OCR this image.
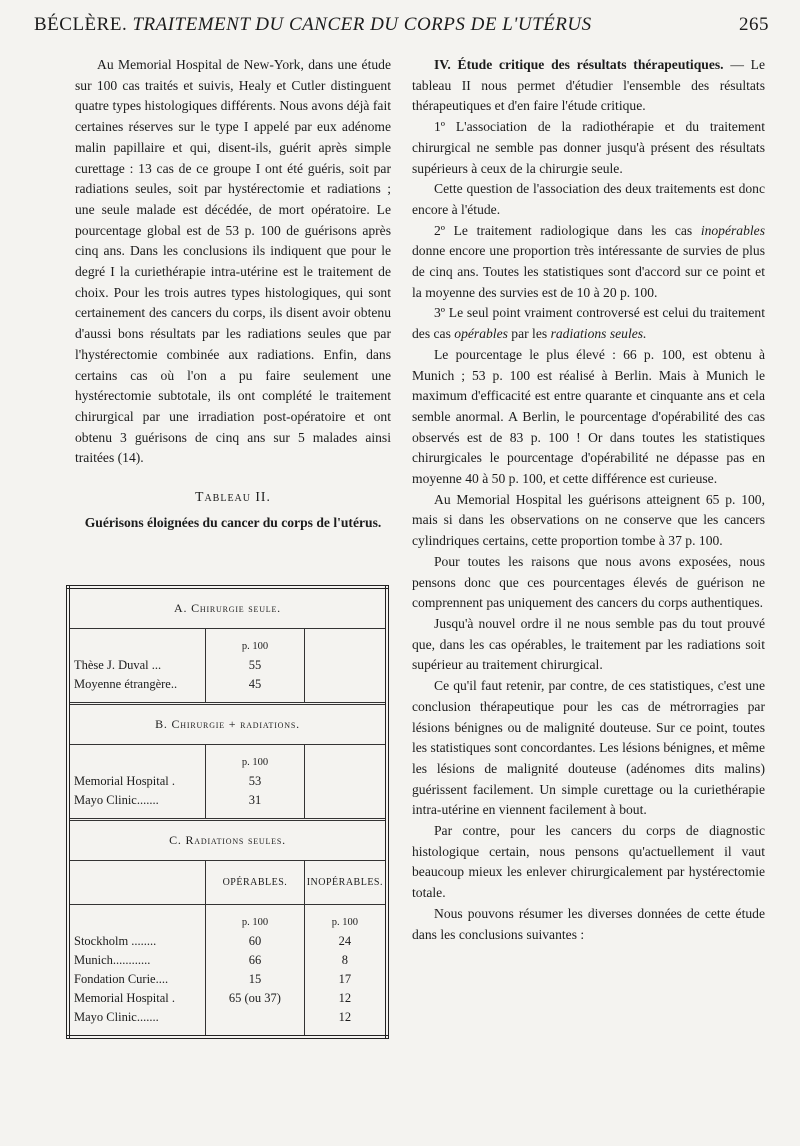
BÉCLÈRE. TRAITEMENT DU CANCER DU CORPS DE L'UTÉRUS	265

Au Memorial Hospital de New-York, dans une étude sur 100 cas traités et suivis, Healy et Cutler distinguent quatre types histologiques différents. Nous avons déjà fait certaines réserves sur le type I appelé par eux adénome malin papillaire et qui, disent-ils, guérit après simple curettage : 13 cas de ce groupe I ont été guéris, soit par radiations seules, soit par hystérectomie et radiations ; une seule malade est décédée, de mort opératoire. Le pourcentage global est de 53 p. 100 de guérisons après cinq ans. Dans les conclusions ils indiquent que pour le degré I la curiethérapie intra-utérine est le traitement de choix. Pour les trois autres types histologiques, qui sont certainement des cancers du corps, ils disent avoir obtenu d'aussi bons résultats par les radiations seules que par l'hystérectomie combinée aux radiations. Enfin, dans certains cas où l'on a pu faire seulement une hystérectomie subtotale, ils ont complété le traitement chirurgical par une irradiation post-opératoire et ont obtenu 3 guérisons de cinq ans sur 5 malades ainsi traitées (14).

Tableau II.

Guérisons éloignées du cancer du corps de l'utérus.

A. Chirurgie seule.		
	p. 100	
Thèse J. Duval ...	55	
Moyenne étrangère..	45	
B. Chirurgie + radiations.		
	p. 100	
Memorial Hospital .	53	
Mayo Clinic.......	31	
C. Radiations seules.		
	OPÉRABLES.	INOPÉRABLES.
	p. 100	p. 100
Stockholm ........	60	24
Munich............	66	8
Fondation Curie....	15	17
Memorial Hospital .	65 (ou 37)	12
Mayo Clinic.......		12

IV. Étude critique des résultats thérapeutiques. — Le tableau II nous permet d'étudier l'ensemble des résultats thérapeutiques et d'en faire l'étude critique.

1º L'association de la radiothérapie et du traitement chirurgical ne semble pas donner jusqu'à présent des résultats supérieurs à ceux de la chirurgie seule.

Cette question de l'association des deux traitements est donc encore à l'étude.

2º Le traitement radiologique dans les cas inopérables donne encore une proportion très intéressante de survies de plus de cinq ans. Toutes les statistiques sont d'accord sur ce point et la moyenne des survies est de 10 à 20 p. 100.

3º Le seul point vraiment controversé est celui du traitement des cas opérables par les radiations seules.

Le pourcentage le plus élevé : 66 p. 100, est obtenu à Munich ; 53 p. 100 est réalisé à Berlin. Mais à Munich le maximum d'efficacité est entre quarante et cinquante ans et cela semble anormal. A Berlin, le pourcentage d'opérabilité des cas observés est de 83 p. 100 ! Or dans toutes les statistiques chirurgicales le pourcentage d'opérabilité ne dépasse pas en moyenne 40 à 50 p. 100, et cette différence est curieuse.

Au Memorial Hospital les guérisons atteignent 65 p. 100, mais si dans les observations on ne conserve que les cancers cylindriques certains, cette proportion tombe à 37 p. 100.

Pour toutes les raisons que nous avons exposées, nous pensons donc que ces pourcentages élevés de guérison ne comprennent pas uniquement des cancers du corps authentiques.

Jusqu'à nouvel ordre il ne nous semble pas du tout prouvé que, dans les cas opérables, le traitement par les radiations soit supérieur au traitement chirurgical.

Ce qu'il faut retenir, par contre, de ces statistiques, c'est une conclusion thérapeutique pour les cas de métrorragies par lésions bénignes ou de malignité douteuse. Sur ce point, toutes les statistiques sont concordantes. Les lésions bénignes, et même les lésions de malignité douteuse (adénomes dits malins) guérissent facilement. Un simple curettage ou la curiethérapie intra-utérine en viennent facilement à bout.

Par contre, pour les cancers du corps de diagnostic histologique certain, nous pensons qu'actuellement il vaut beaucoup mieux les enlever chirurgicalement par hystérectomie totale.

Nous pouvons résumer les diverses données de cette étude dans les conclusions suivantes :
